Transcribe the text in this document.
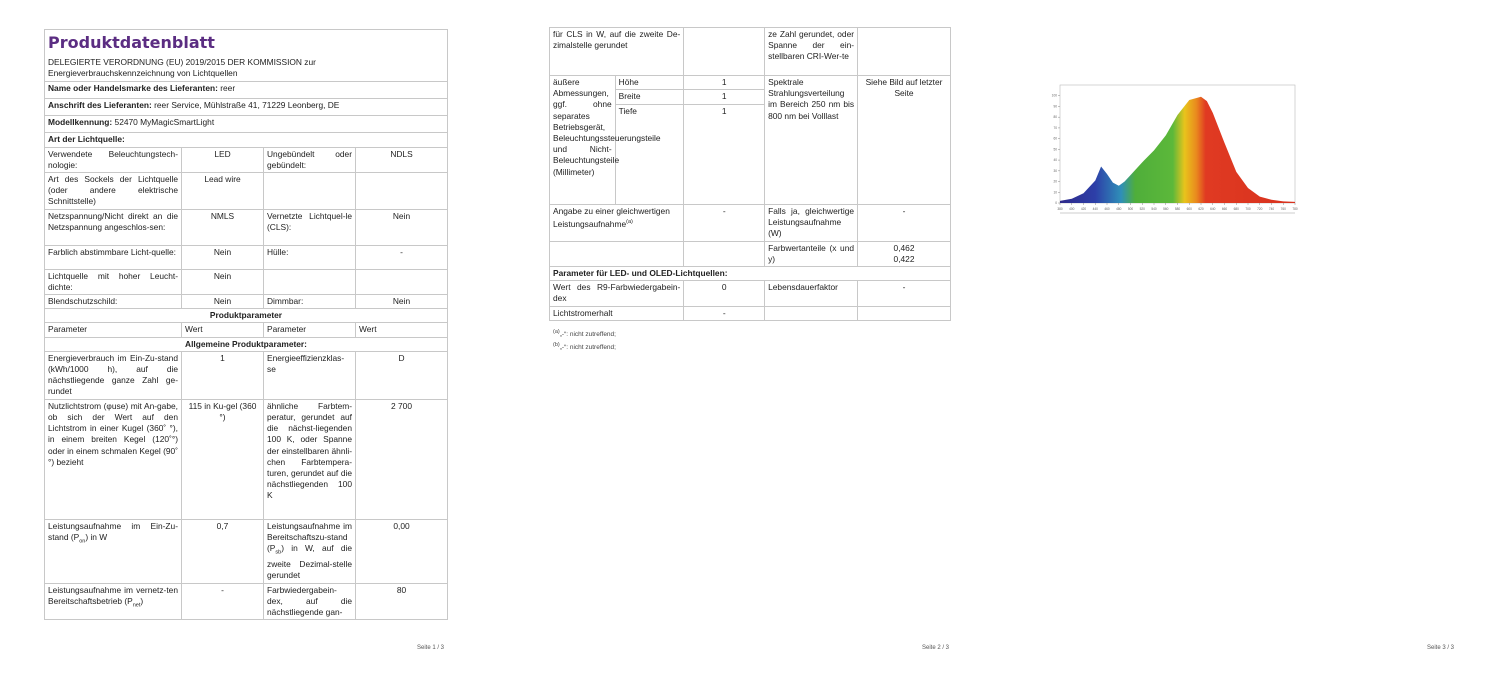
Produktdatenblatt
DELEGIERTE VERORDNUNG (EU) 2019/2015 DER KOMMISSION zur Energieverbrauchskennzeichnung von Lichtquellen			

Name oder Handelsmarke des Lieferanten: reer			
Anschrift des Lieferanten: reer Service, Mühlstraße 41, 71229 Leonberg, DE			
Modellkennung: 52470 MyMagicSmartLight			
Art der Lichtquelle:			
Verwendete Beleuchtungstech-nologie:	LED	Ungebündelt oder gebündelt:	NDLS
Art des Sockels der Lichtquelle (oder andere elektrische Schnittstelle)	Lead wire		
Netzspannung/Nicht direkt an die Netzspannung angeschlos-sen:	NMLS	Vernetzte Lichtquel-le (CLS):	Nein
Farblich abstimmbare Licht-quelle:	Nein	Hülle:	-
Lichtquelle mit hoher Leucht-dichte:	Nein		
Blendschutzschild:	Nein	Dimmbar:	Nein
Produktparameter			
Parameter	Wert	Parameter	Wert
Allgemeine Produktparameter:			
Energieverbrauch im Ein-Zu-stand (kWh/1000 h), auf die nächstliegende ganze Zahl ge-rundet	1	Energieeffizienzklas-se	D
Nutzlichtstrom (φuse) mit An-gabe, ob sich der Wert auf den Lichtstrom in einer Kugel (360˚ °), in einem breiten Kegel (120˚°) oder in einem schmalen Kegel (90˚ °) bezieht	115 in Ku-gel (360 °)	ähnliche Farbtem-peratur, gerundet auf die nächst-liegenden 100 K, oder Spanne der einstellbaren ähnli-chen Farbtempera-turen, gerundet auf die nächstliegenden 100 K	2 700
Leistungsaufnahme im Ein-Zu-stand $(P_{on})$ in W	0,7	Leistungsaufnahme im Bereitschaftszu-stand $(P_{sb})$ in W, auf die zweite Dezimal-stelle gerundet	0,00
Leistungsaufnahme im vernetz-ten Bereitschaftsbetrieb $(P_{net})$	-	Farbwiedergabein-dex, auf die nächstliegende gan-	80
Seite 1 / 3
für CLS in W, auf die zweite De-zimalstelle gerundet			ze Zahl gerundet, oder Spanne der ein-stellbaren CRI-Wer-te	
äußere Abmessungen, ggf. ohne separates Betriebsgerät, Beleuchtungssteuerungsteile und Nicht-Beleuchtungsteile (Millimeter)	Höhe	1	Spektrale Strahlungsverteilung im Bereich 250 nm bis 800 nm bei Volllast	Siehe Bild auf letzter Seite
	Breite	1		
	Tiefe	1		
Angabe zu einer gleichwertigen Leistungsaufnahme$^{(a)}$		-	Falls ja, gleichwertige Leistungsaufnahme (W)	-
			Farbwertanteile (x und y)	0,462
0,422

Parameter für LED- und OLED-Lichtquellen:				
Wert des R9-Farbwiedergabein-dex		0	Lebensdauerfaktor	-
Lichtstromerhalt		-		
$^{(a)}$„-“: nicht zutreffend;
$^{(b)}$„-“: nicht zutreffend;
Seite 2 / 3
380 400 420 440 460 480 500 520 540 560 580 600 620 640 660 680 700 720 740 760 780
0
10
20
30
40
50
60
70
80
90
100
Seite 3 / 3
